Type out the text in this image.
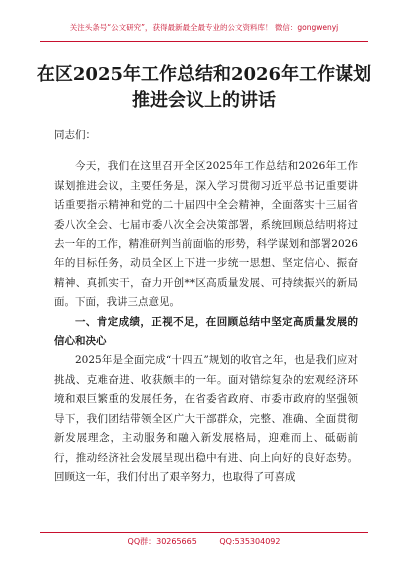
关注头条号“公文研究”，获得最新最全最专业的公文资料库！ 微信：gongwenyj
在区2025年工作总结和2026年工作谋划
推进会议上的讲话

同志们：

今天，我们在这里召开全区2025年工作总结和2026年工作谋划推进会议，主要任务是，深入学习贯彻习近平总书记重要讲话重要指示精神和党的二十届四中全会精神，全面落实十三届省委八次全会、七届市委八次全会决策部署，系统回顾总结明将过去一年的工作，精准研判当前面临的形势，科学谋划和部署2026年的目标任务，动员全区上下进一步统一思想、坚定信心、振奋精神、真抓实干，奋力开创**区高质量发展、可持续振兴的新局面。下面，我讲三点意见。

一、肯定成绩，正视不足，在回顾总结中坚定高质量发展的信心和决心

2025年是全面完成“十四五”规划的收官之年，也是我们应对挑战、克难奋进、收获颇丰的一年。面对错综复杂的宏观经济环境和艰巨繁重的发展任务，在省委省政府、市委市政府的坚强领导下，我们团结带领全区广大干部群众，完整、准确、全面贯彻新发展理念，主动服务和融入新发展格局，迎难而上、砥砺前行，推动经济社会发展呈现出稳中有进、向上向好的良好态势。回顾这一年，我们付出了艰辛努力，也取得了可喜成

QQ群：30265665	QQ:535304092
